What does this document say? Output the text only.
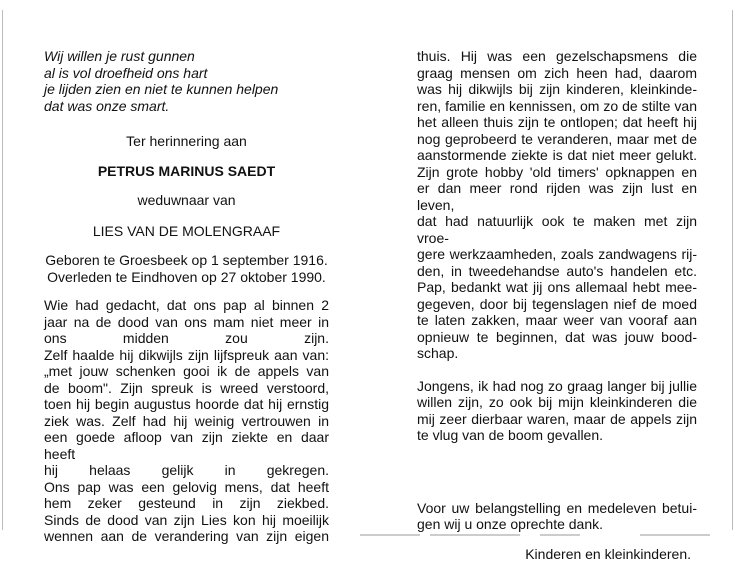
Wij willen je rust gunnen

al is vol droefheid ons hart

je lijden zien en niet te kunnen helpen

dat was onze smart.

Ter herinnering aan
PETRUS MARINUS SAEDT
weduwnaar van
LIES VAN DE MOLENGRAAF
Geboren te Groesbeek op 1 september 1916.
Overleden te Eindhoven op 27 oktober 1990.

Wie had gedacht, dat ons pap al binnen 2

jaar na de dood van ons mam niet meer in

ons midden zou zijn.

Zelf haalde hij dikwijls zijn lijfspreuk aan van:

„met jouw schenken gooi ik de appels van

de boom". Zijn spreuk is wreed verstoord,

toen hij begin augustus hoorde dat hij ernstig

ziek was. Zelf had hij weinig vertrouwen in

een goede afloop van zijn ziekte en daar heeft

hij helaas gelijk in gekregen.

Ons pap was een gelovig mens, dat heeft

hem zeker gesteund in zijn ziekbed.

Sinds de dood van zijn Lies kon hij moeilijk

wennen aan de verandering van zijn eigen

thuis. Hij was een gezelschapsmens die

graag mensen om zich heen had, daarom

was hij dikwijls bij zijn kinderen, kleinkinde-

ren, familie en kennissen, om zo de stilte van

het alleen thuis zijn te ontlopen; dat heeft hij

nog geprobeerd te veranderen, maar met de

aanstormende ziekte is dat niet meer gelukt.

Zijn grote hobby 'old timers' opknappen en

er dan meer rond rijden was zijn lust en leven,

dat had natuurlijk ook te maken met zijn vroe-

gere werkzaamheden, zoals zandwagens rij-

den, in tweedehandse auto's handelen etc.

Pap, bedankt wat jij ons allemaal hebt mee-

gegeven, door bij tegenslagen nief de moed

te laten zakken, maar weer van vooraf aan

opnieuw te beginnen, dat was jouw bood-

schap.

Jongens, ik had nog zo graag langer bij jullie

willen zijn, zo ook bij mijn kleinkinderen die

mij zeer dierbaar waren, maar de appels zijn

te vlug van de boom gevallen.

Voor uw belangstelling en medeleven betui-

gen wij u onze oprechte dank.

Kinderen en kleinkinderen.
